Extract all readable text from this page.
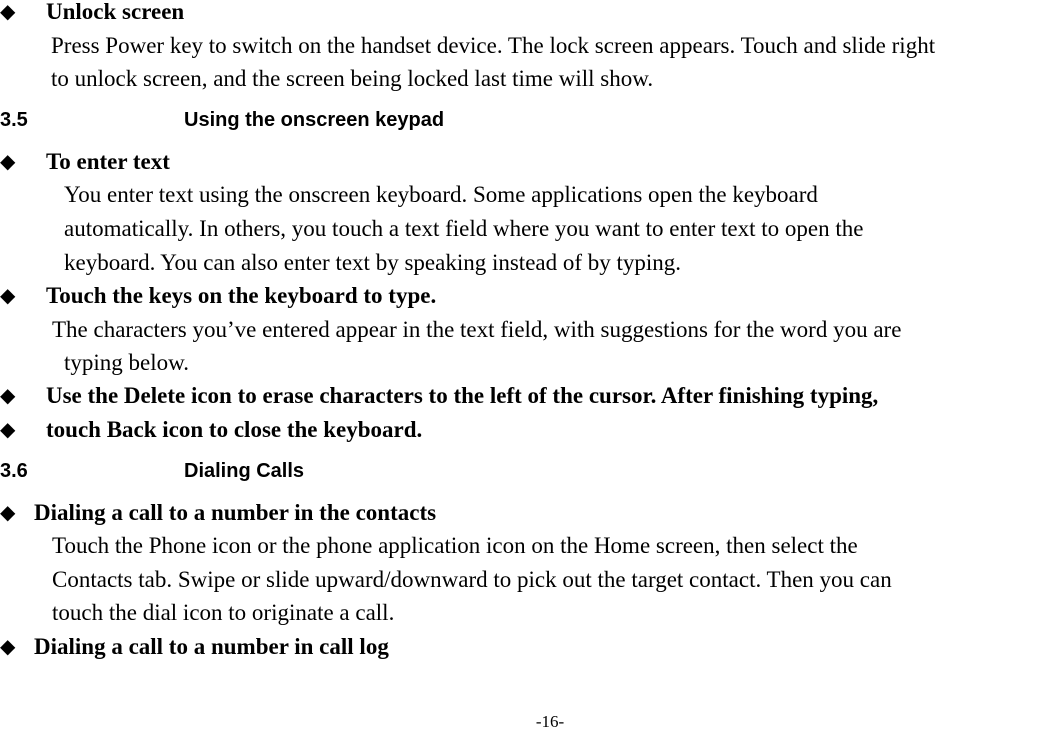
◆ Unlock screen
Press Power key to switch on the handset device. The lock screen appears. Touch and slide right
to unlock screen, and the screen being locked last time will show.
3.5	Using the onscreen keypad
◆ To enter text
You enter text using the onscreen keyboard. Some applications open the keyboard
automatically. In others, you touch a text field where you want to enter text to open the
keyboard. You can also enter text by speaking instead of by typing.
◆ Touch the keys on the keyboard to type.
The characters you’ve entered appear in the text field, with suggestions for the word you are
typing below.
◆ Use the Delete icon to erase characters to the left of the cursor. After finishing typing,
◆ touch Back icon to close the keyboard.
3.6	Dialing Calls
◆ Dialing a call to a number in the contacts
Touch the Phone icon or the phone application icon on the Home screen, then select the
Contacts tab. Swipe or slide upward/downward to pick out the target contact. Then you can
touch the dial icon to originate a call.
◆ Dialing a call to a number in call log
-16-
